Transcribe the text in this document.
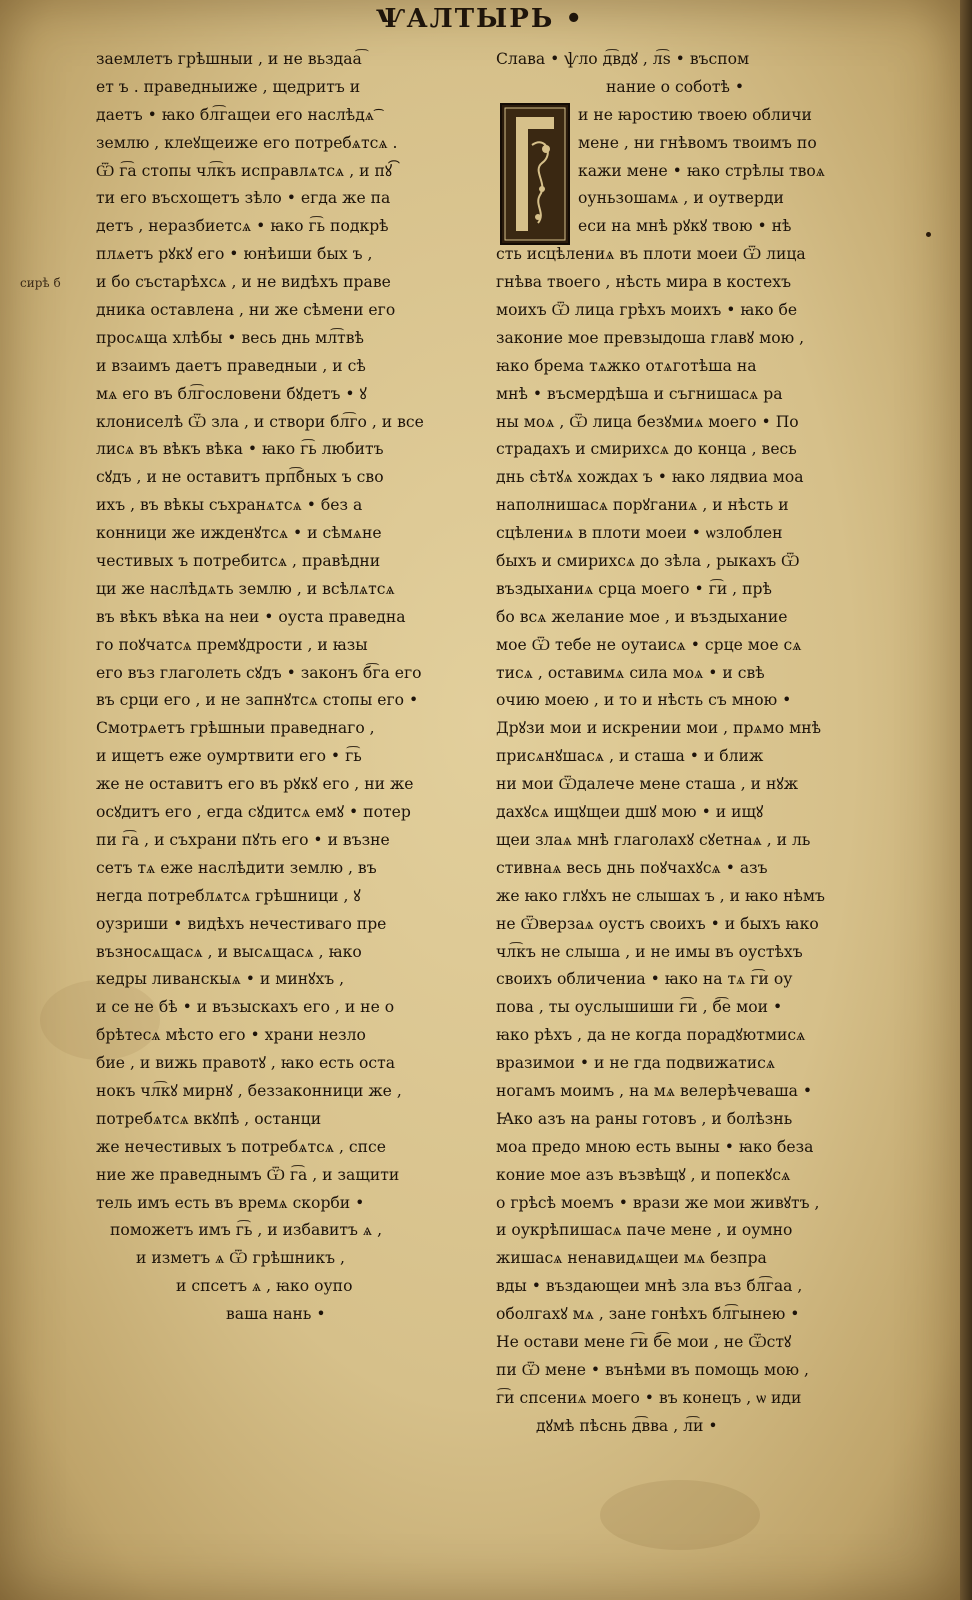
ѰАЛТЫРЬ •
сирѣ б
заемлетъ грѣшныи , и не вьздаа͡
ет ъ . праведныиже , щедритъ и
даетъ • ꙗко бл͡гащеи его наслѣдѧ͡
землю , клеꙋщеиже его потребѧтсѧ .
Ѿ г͡а стопы чл͡къ исправлѧтсѧ , и пꙋ͡
ти его въсхощетъ зѣло • егда же па
детъ , неразбиетсѧ • ꙗко г͡ь подкрѣ
плѧетъ рꙋкꙋ его • юнѣиши бых ъ ,
и бо състарѣхсѧ , и не видѣхъ праве
дника оставлена , ни же сѣмени его
просѧща хлѣбы • весь днь мл͡твѣ
и взаимъ даетъ праведныи , и сѣ
мѧ его въ бл͡гословени бꙋдетъ • ꙋ
клониселѣ Ѿ зла , и створи бл͡го , и все
лисѧ въ вѣкъ вѣка • ꙗко г͡ь любитъ
сꙋдъ , и не оставитъ прп͡бных ъ сво
ихъ , въ вѣкы съхранѧтсѧ • без а
конници же ижденꙋтсѧ • и сѣмѧне
честивых ъ потребитсѧ , правѣдни
ци же наслѣдѧть землю , и всѣлѧтсѧ
въ вѣкъ вѣка на неи • оуста праведна
го поꙋчатсѧ премꙋдрости , и ꙗзы
его въз глаголеть сꙋдъ • законъ б͡га его
въ срци его , и не запнꙋтсѧ стопы его •
Смотрѧетъ грѣшныи праведнаго ,
и ищетъ еже оумртвити его • г͡ь
же не оставитъ его въ рꙋкꙋ его , ни же
осꙋдитъ его , егда сꙋдитсѧ емꙋ • потер
пи г͡а , и съхрани пꙋть его • и възне
сетъ тѧ еже наслѣдити землю , въ
негда потреблѧтсѧ грѣшници , ꙋ
оузриши • видѣхъ нечестиваго пре
възносѧщасѧ , и высѧщасѧ , ꙗко
кедры ливанскыѧ • и минꙋхъ ,
и се не бѣ • и възыскахъ его , и не о
брѣтесѧ мѣсто его • храни незло
бие , и вижь правотꙋ , ꙗко есть оста
нокъ чл͡кꙋ мирнꙋ , беззаконници же ,
потребѧтсѧ вкꙋпѣ , останци
же нечестивых ъ потребѧтсѧ , спсе
ние же праведнымъ Ѿ г͡а , и защити
тель имъ есть въ времѧ скорби •
поможетъ имъ г͡ь , и избавитъ ѧ ,
и изметъ ѧ Ѿ грѣшникъ ,
и спсетъ ѧ , ꙗко оупо
ваша нань •
Слава • ѱло д͡вдꙋ , л͡ѕ • въспом
нание о соботѣ •
и не ꙗростию твоею обличи
мене , ни гнѣвомъ твоимъ по
кажи мене • ꙗко стрѣлы твоѧ
оуньзошамѧ , и оутверди
еси на мнѣ рꙋкꙋ твою • нѣ
сть исцѣлениѧ въ плоти моеи Ѿ лица
гнѣва твоего , нѣсть мира в костехъ
моихъ Ѿ лица грѣхъ моихъ • ꙗко бе
законие мое превзыдоша главꙋ мою ,
ꙗко брема тѧжко отѧготѣша на
мнѣ • въсмердѣша и съгнишасѧ ра
ны моѧ , Ѿ лица безꙋмиѧ моего • По
страдахъ и смирихсѧ до конца , весь
днь сѣтꙋѧ хождах ъ • ꙗко лядвиа моа
наполнишасѧ порꙋганиѧ , и нѣсть и
сцѣлениѧ в плоти моеи • ѡзлоблен
быхъ и смирихсѧ до зѣла , рыкахъ Ѿ
въздыханиѧ срца моего • г͡и , прѣ
бо всѧ желание мое , и въздыхание
мое Ѿ тебе не оутаисѧ • срце мое сѧ
тисѧ , оставимѧ сила моѧ • и свѣ
очию моею , и то и нѣсть съ мною •
Дрꙋзи мои и искрении мои , прѧмо мнѣ
присѧнꙋшасѧ , и сташа • и ближ
ни мои Ѿдалече мене сташа , и нꙋж
дахꙋсѧ ищꙋщеи дшꙋ мою • и ищꙋ
щеи злаѧ мнѣ глаголахꙋ сꙋетнаѧ , и ль
стивнаѧ весь днь поꙋчахꙋсѧ • азъ
же ꙗко глꙋхъ не слышах ъ , и ꙗко нѣмъ
не Ѿверзаѧ оустъ своихъ • и быхъ ꙗко
чл͡къ не слыша , и не имы въ оустѣхъ
своихъ обличениа • ꙗко на тѧ г͡и оу
пова , ты оуслышиши г͡и , б͡е мои •
ꙗко рѣхъ , да не когда порадꙋютмисѧ
вразимои • и не гда подвижатисѧ
ногамъ моимъ , на мѧ велерѣчеваша •
Ꙗко азъ на раны готовъ , и болѣзнь
моа предо мною есть выны • ꙗко беза
коние мое азъ възвѣщꙋ , и попекꙋсѧ
о грѣсѣ моемъ • врази же мои живꙋтъ ,
и оукрѣпишасѧ паче мене , и оумно
жишасѧ ненавидѧщеи мѧ безпра
вды • въздающеи мнѣ зла въз бл͡гаа ,
оболгахꙋ мѧ , зане гонѣхъ бл͡гынею •
Не остави мене г͡и б͡е мои , не Ѿстꙋ
пи Ѿ мене • вънѣми въ помощь мою ,
г͡и спсениѧ моего • въ конецъ , ѡ иди
дꙋмѣ пѣснь д͡вва , л͡и •
